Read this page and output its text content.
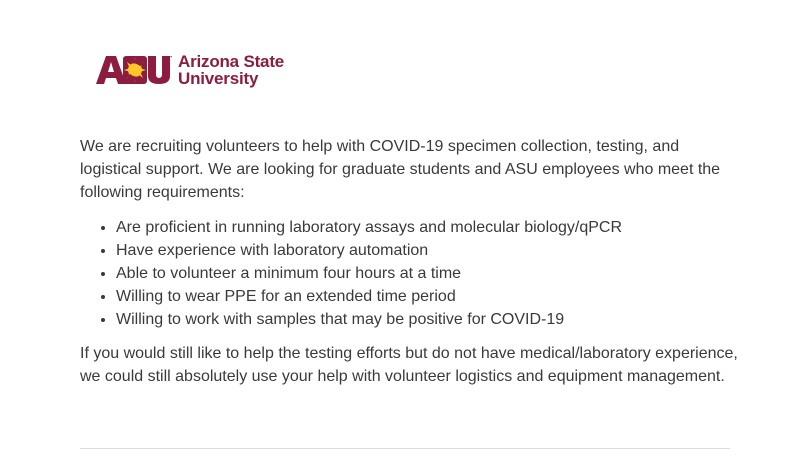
Arizona State
University

We are recruiting volunteers to help with COVID-19 specimen collection, testing, and logistical support. We are looking for graduate students and ASU employees who meet the following requirements:

• Are proficient in running laboratory assays and molecular biology/qPCR
• Have experience with laboratory automation
• Able to volunteer a minimum four hours at a time
• Willing to wear PPE for an extended time period
• Willing to work with samples that may be positive for COVID-19

If you would still like to help the testing efforts but do not have medical/laboratory experience, we could still absolutely use your help with volunteer logistics and equipment management.
